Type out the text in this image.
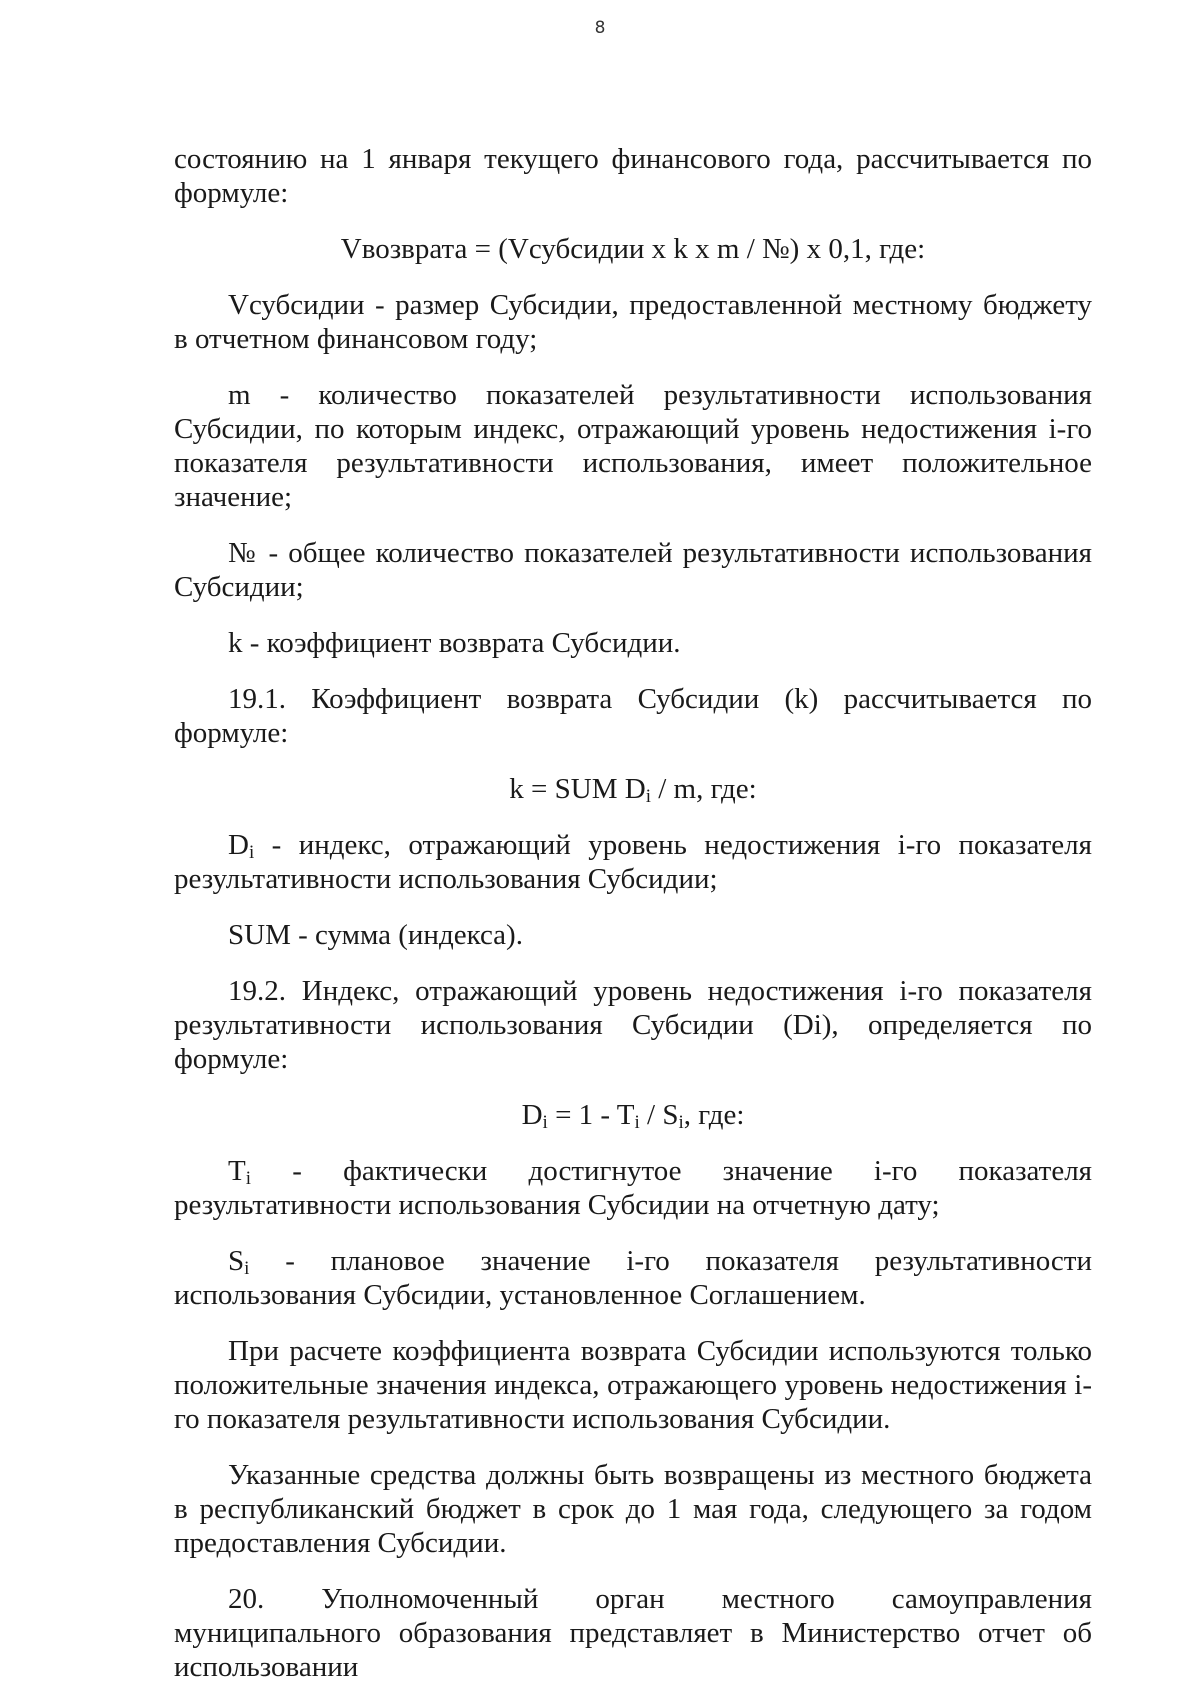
8

состоянию на 1 января текущего финансового года, рассчитывается по формуле:

Vвозврата = (Vсубсидии x k x m / №) x 0,1, где:

Vсубсидии - размер Субсидии, предоставленной местному бюджету в отчетном финансовом году;

m - количество показателей результативности использования Субсидии, по которым индекс, отражающий уровень недостижения i-го показателя результативности использования, имеет положительное значение;

№ - общее количество показателей результативности использования Субсидии;

k - коэффициент возврата Субсидии.

19.1. Коэффициент возврата Субсидии (k) рассчитывается по формуле:

k = SUM $D_i$ / m, где:

$D_i$ - индекс, отражающий уровень недостижения i-го показателя результативности использования Субсидии;

SUM - сумма (индекса).

19.2. Индекс, отражающий уровень недостижения i-го показателя результативности использования Субсидии (Di), определяется по формуле:

$D_i = 1 - T_i / S_i$, где:

$T_i$ - фактически достигнутое значение i-го показателя результативности использования Субсидии на отчетную дату;

$S_i$ - плановое значение i-го показателя результативности использования Субсидии, установленное Соглашением.

При расчете коэффициента возврата Субсидии используются только положительные значения индекса, отражающего уровень недостижения i-го показателя результативности использования Субсидии.

Указанные средства должны быть возвращены из местного бюджета в республиканский бюджет в срок до 1 мая года, следующего за годом предоставления Субсидии.

20. Уполномоченный орган местного самоуправления муниципального образования представляет в Министерство отчет об использовании
